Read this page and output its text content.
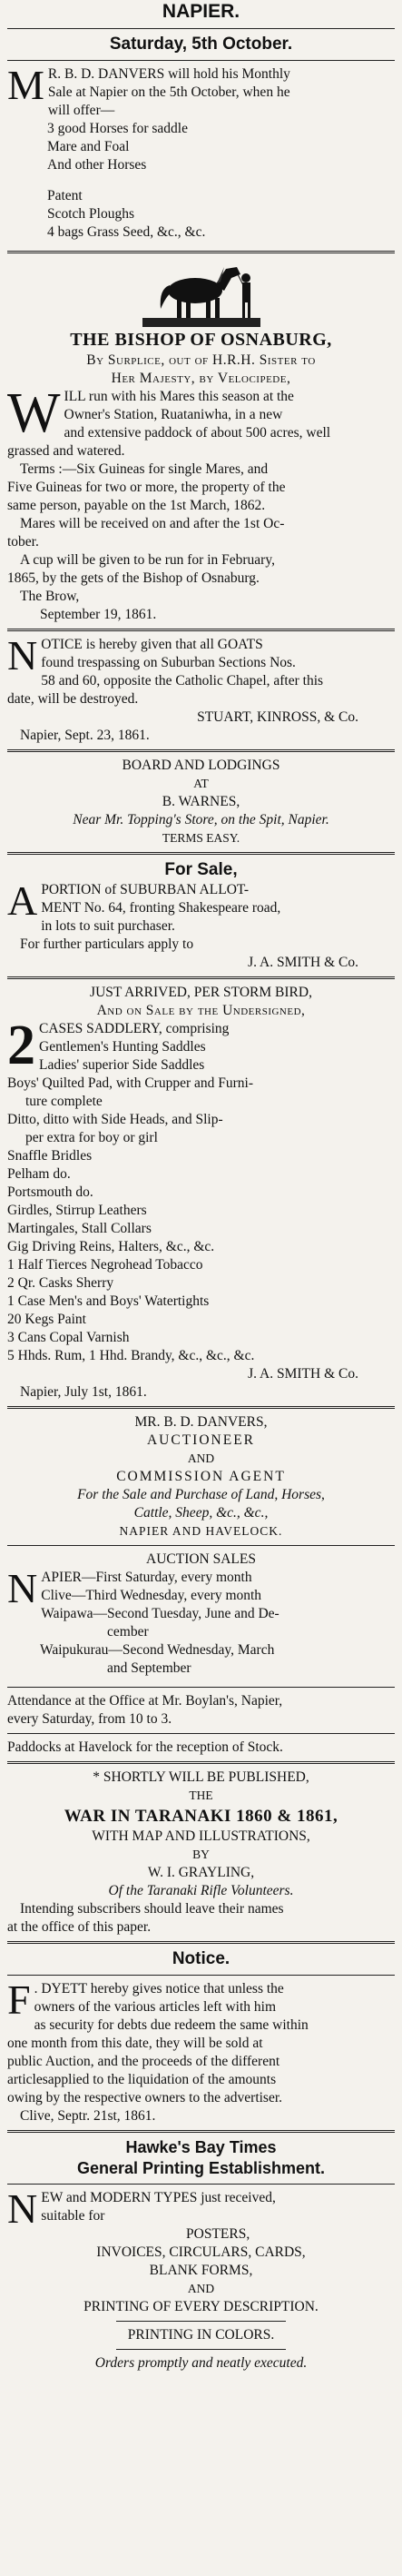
NAPIER.
Saturday, 5th October.
M R. B. D. DANVERS will hold his Monthly
Sale at Napier on the 5th October, when he
will offer—
3 good Horses for saddle
Mare and Foal
And other Horses
Patent
Scotch Ploughs
4 bags Grass Seed, &c., &c.
THE BISHOP OF OSNABURG,
By Surplice, out of H.R.H. Sister to
Her Majesty, by Velocipede,
W ILL run with his Mares this season at the
Owner's Station, Ruataniwha, in a new
and extensive paddock of about 500 acres, well
grassed and watered.
Terms :—Six Guineas for single Mares, and
Five Guineas for two or more, the property of the
same person, payable on the 1st March, 1862.
Mares will be received on and after the 1st Oc-
tober.
A cup will be given to be run for in February,
1865, by the gets of the Bishop of Osnaburg.
The Brow,
September 19, 1861.
N OTICE is hereby given that all GOATS
found trespassing on Suburban Sections Nos.
58 and 60, opposite the Catholic Chapel, after this
date, will be destroyed.
STUART, KINROSS, & Co.
Napier, Sept. 23, 1861.
BOARD AND LODGINGS
AT
B. WARNES,
Near Mr. Topping's Store, on the Spit, Napier.
TERMS EASY.
For Sale,
A PORTION of SUBURBAN ALLOT-
MENT No. 64, fronting Shakespeare road,
in lots to suit purchaser.
For further particulars apply to
J. A. SMITH & Co.
JUST ARRIVED, PER STORM BIRD,
And on Sale by the Undersigned,
2 CASES SADDLERY, comprising
Gentlemen's Hunting Saddles
Ladies' superior Side Saddles
Boys' Quilted Pad, with Crupper and Furni-
ture complete
Ditto, ditto with Side Heads, and Slip-
per extra for boy or girl
Snaffle Bridles
Pelham do.
Portsmouth do.
Girdles, Stirrup Leathers
Martingales, Stall Collars
Gig Driving Reins, Halters, &c., &c.
1 Half Tierces Negrohead Tobacco
2 Qr. Casks Sherry
1 Case Men's and Boys' Watertights
20 Kegs Paint
3 Cans Copal Varnish
5 Hhds. Rum, 1 Hhd. Brandy, &c., &c., &c.
J. A. SMITH & Co.
Napier, July 1st, 1861.
MR. B. D. DANVERS,
AUCTIONEER
AND
COMMISSION AGENT
For the Sale and Purchase of Land, Horses,
Cattle, Sheep, &c., &c.,
NAPIER AND HAVELOCK.
AUCTION SALES
N APIER—First Saturday, every month
Clive—Third Wednesday, every month
Waipawa—Second Tuesday, June and De-
cember
Waipukurau—Second Wednesday, March
and September
Attendance at the Office at Mr. Boylan's, Napier,
every Saturday, from 10 to 3.
Paddocks at Havelock for the reception of Stock.
* SHORTLY WILL BE PUBLISHED,
THE
WAR IN TARANAKI 1860 & 1861,
WITH MAP AND ILLUSTRATIONS,
BY
W. I. GRAYLING,
Of the Taranaki Rifle Volunteers.
Intending subscribers should leave their names
at the office of this paper.
Notice.
F . DYETT hereby gives notice that unless the
owners of the various articles left with him
as security for debts due redeem the same within
one month from this date, they will be sold at
public Auction, and the proceeds of the different
articlesapplied to the liquidation of the amounts
owing by the respective owners to the advertiser.
Clive, Septr. 21st, 1861.
Hawke's Bay Times
General Printing Establishment.
N EW and MODERN TYPES just received,
suitable for
POSTERS,
INVOICES, CIRCULARS, CARDS,
BLANK FORMS,
AND
PRINTING OF EVERY DESCRIPTION.
PRINTING IN COLORS.
Orders promptly and neatly executed.
